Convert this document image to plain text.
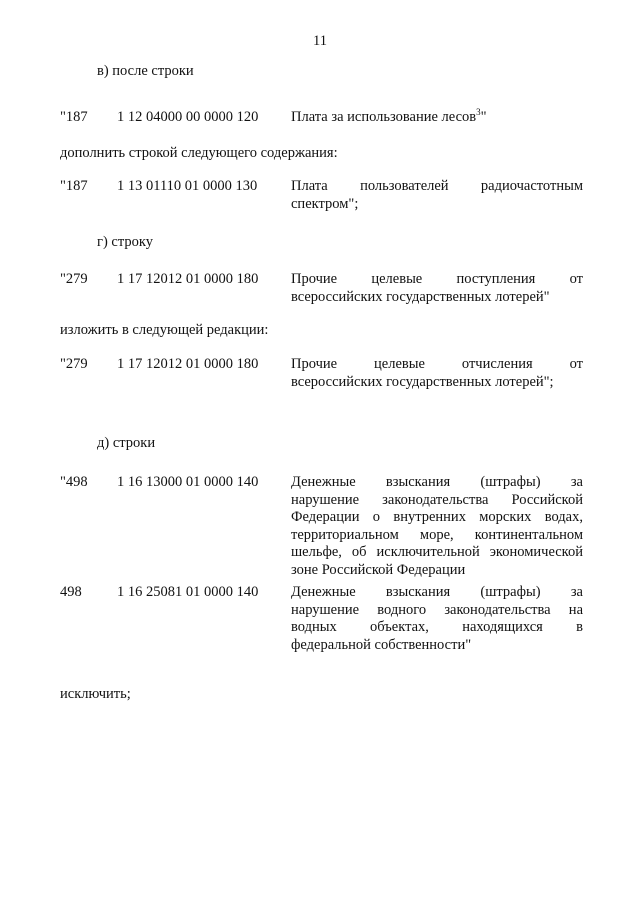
11
в) после строки
"187 1 12 04000 00 0000 120 Плата за использование лесов$^3$"
дополнить строкой следующего содержания:
"187 1 13 01110 01 0000 130 Плата пользователей радиочастотным
спектром";
г) строку
"279 1 17 12012 01 0000 180 Прочие целевые поступления от
всероссийских государственных лотерей"
изложить в следующей редакции:
"279 1 17 12012 01 0000 180 Прочие целевые отчисления от
всероссийских государственных лотерей";
д) строки
"498 1 16 13000 01 0000 140 Денежные взыскания (штрафы) за
нарушение законодательства Российской
Федерации о внутренних морских водах,
территориальном море, континентальном
шельфе, об исключительной экономической
зоне Российской Федерации
498 1 16 25081 01 0000 140 Денежные взыскания (штрафы) за
нарушение водного законодательства на
водных объектах, находящихся в
федеральной собственности"
исключить;
